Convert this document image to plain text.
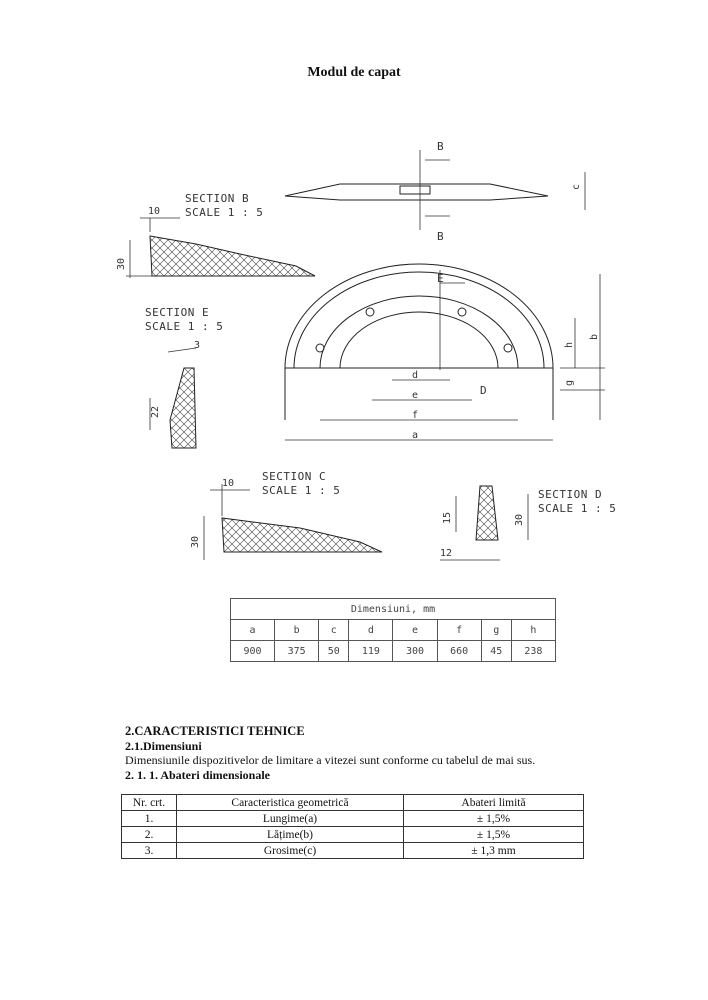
Modul de capat
SECTION B
SCALE 1 : 5
10
30
SECTION E
SCALE 1 : 5
3
22
B
B
c
E
D
b
h
g
d
e
f
a
SECTION C
SCALE 1 : 5
10
30
SECTION D
SCALE 1 : 5
15	30
12
Dimensiuni, mm							
a	b	c	d	e	f	g	h
900	375	50	119	300	660	45	238
2.CARACTERISTICI TEHNICE
2.1.Dimensiuni
Dimensiunile dispozitivelor de limitare a vitezei sunt conforme cu tabelul de mai sus.
2. 1. 1. Abateri dimensionale
Nr. crt.	Caracteristica geometrică	Abateri limită
1.	Lungime(a)	± 1,5%
2.	Lățime(b)	± 1,5%
3.	Grosime(c)	± 1,3 mm
